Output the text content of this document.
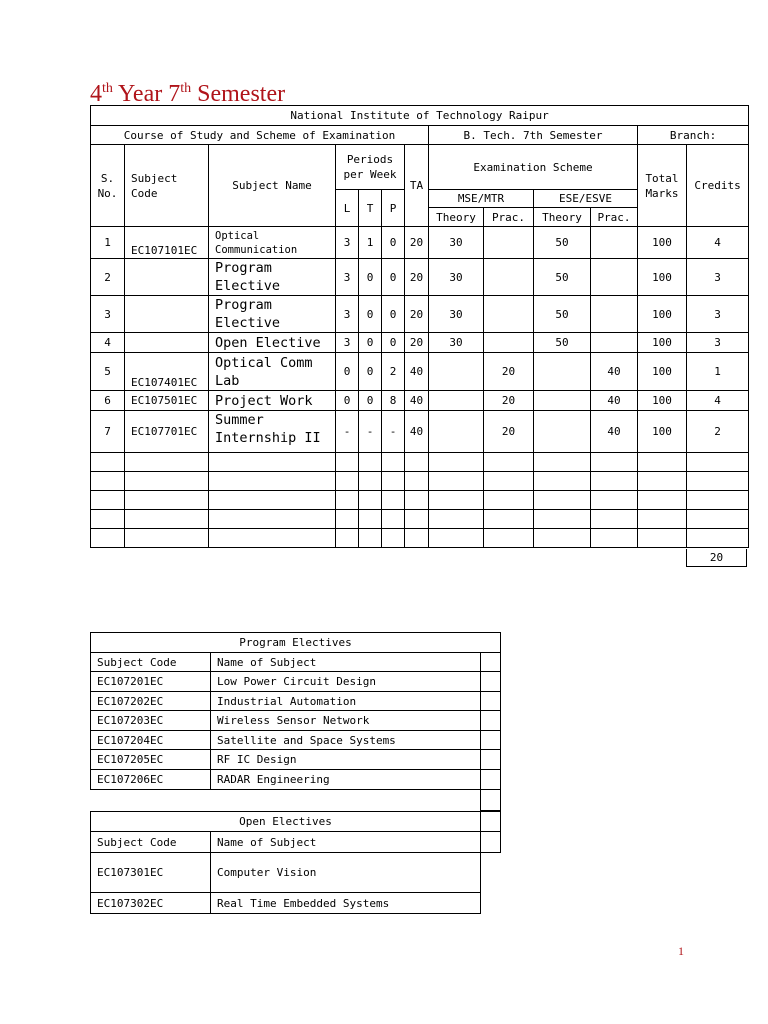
4th Year 7th Semester
National Institute of Technology Raipur												
Course of Study and Scheme of Examination							B. Tech. 7th Semester				Branch:	
S. No.	Subject Code	Subject Name	Periods per Week			TA	Examination Scheme				Total Marks	Credits
			L	T	P		MSE/MTR		ESE/ESVE			
							Theory	Prac.	Theory	Prac.		
1	EC107101EC	Optical Communication	3	1	0	20	30		50		100	4
2		Program Elective	3	0	0	20	30		50		100	3
3		Program Elective	3	0	0	20	30		50		100	3
4		Open Elective	3	0	0	20	30		50		100	3
5	EC107401EC	Optical Comm Lab	0	0	2	40		20		40	100	1
6	EC107501EC	Project Work	0	0	8	40		20		40	100	4
7	EC107701EC	Summer Internship II	-	-	-	40		20		40	100	2

20
Program Electives		
Subject Code	Name of Subject	
EC107201EC	Low Power Circuit Design	
EC107202EC	Industrial Automation	
EC107203EC	Wireless Sensor Network	
EC107204EC	Satellite and Space Systems	
EC107205EC	RF IC Design	
EC107206EC	RADAR Engineering	

Open Electives		
Subject Code	Name of Subject	
EC107301EC	Computer Vision	
EC107302EC	Real Time Embedded Systems	
1
